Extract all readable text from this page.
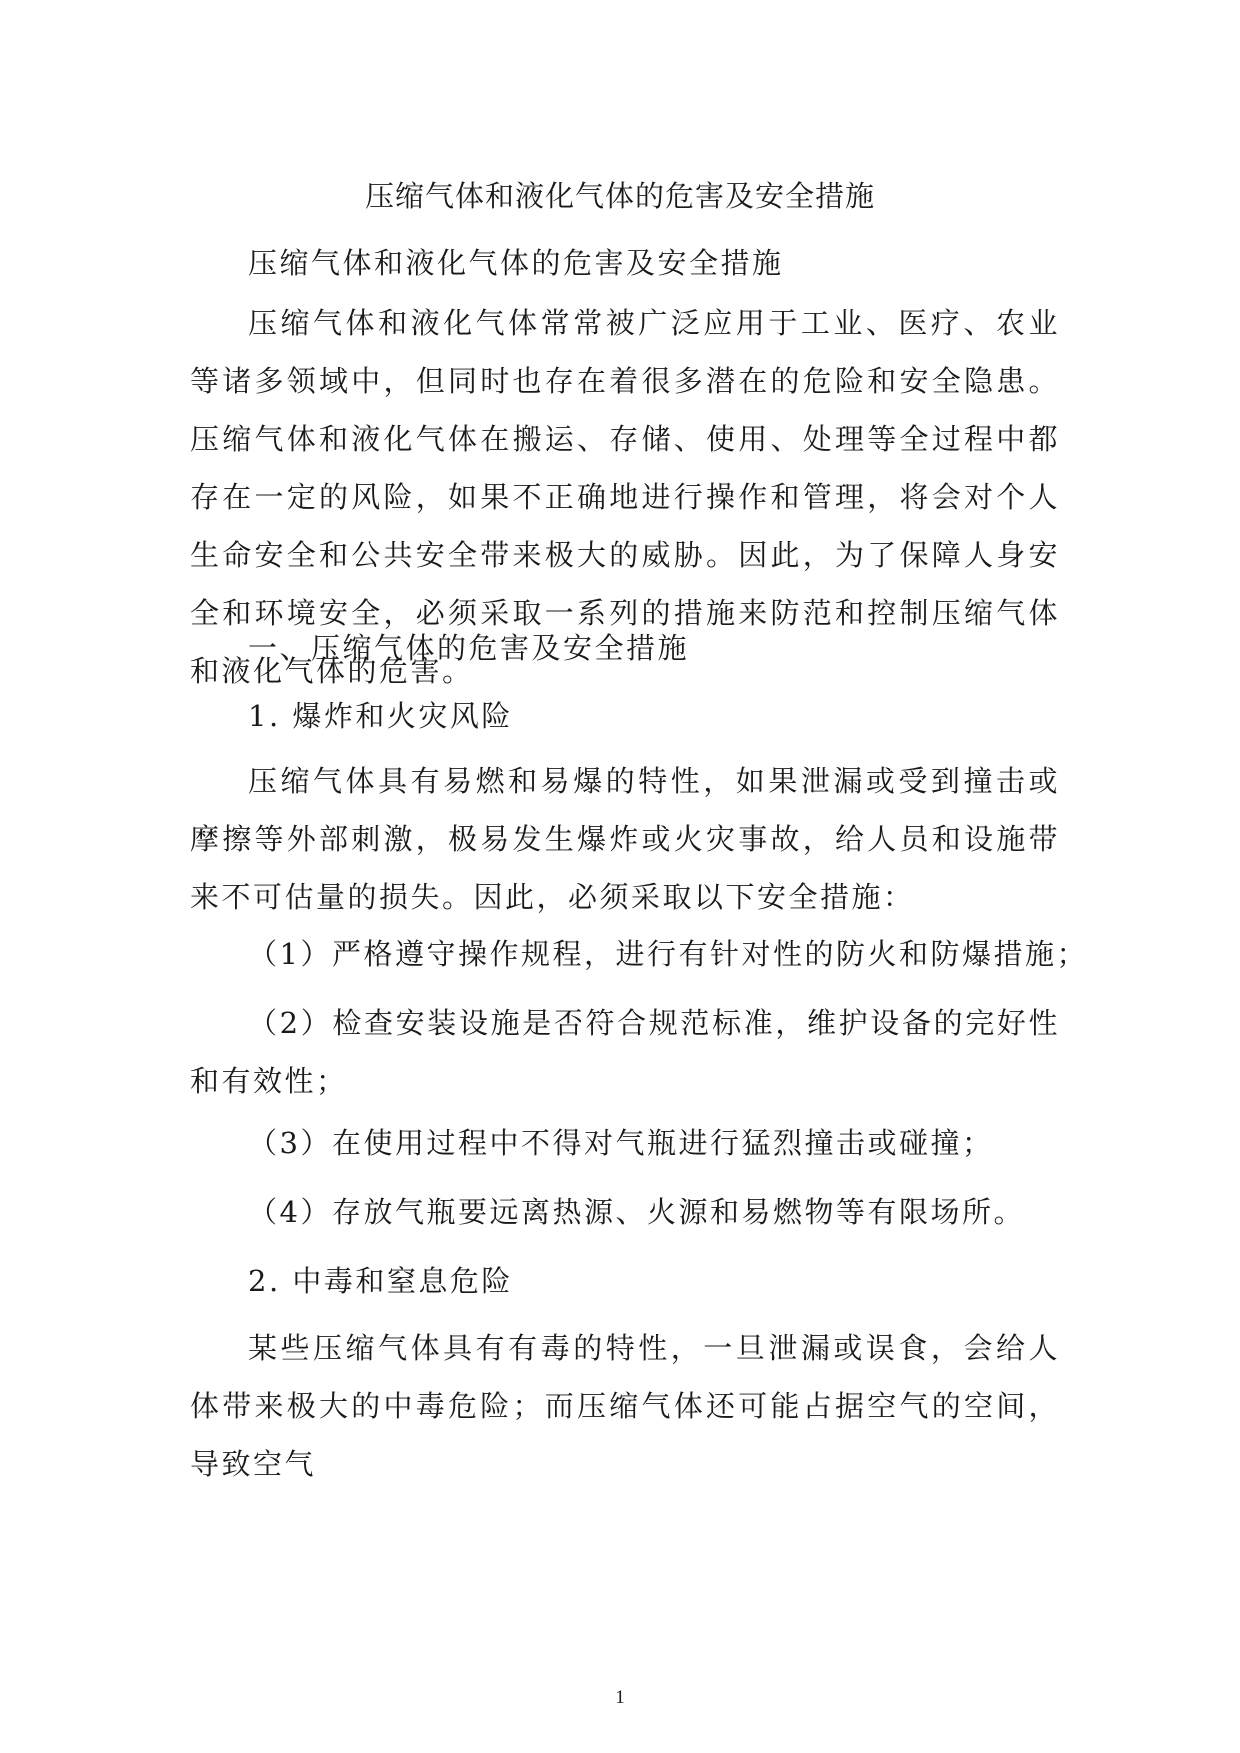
压缩气体和液化气体的危害及安全措施
压缩气体和液化气体的危害及安全措施
压缩气体和液化气体常常被广泛应用于工业、医疗、农业等诸多领域中，但同时也存在着很多潜在的危险和安全隐患。压缩气体和液化气体在搬运、存储、使用、处理等全过程中都存在一定的风险，如果不正确地进行操作和管理，将会对个人生命安全和公共安全带来极大的威胁。因此，为了保障人身安全和环境安全，必须采取一系列的措施来防范和控制压缩气体和液化气体的危害。
一、压缩气体的危害及安全措施
1. 爆炸和火灾风险
压缩气体具有易燃和易爆的特性，如果泄漏或受到撞击或摩擦等外部刺激，极易发生爆炸或火灾事故，给人员和设施带来不可估量的损失。因此，必须采取以下安全措施：
（1）严格遵守操作规程，进行有针对性的防火和防爆措施；
（2）检查安装设施是否符合规范标准，维护设备的完好性和有效性；
（3）在使用过程中不得对气瓶进行猛烈撞击或碰撞；
（4）存放气瓶要远离热源、火源和易燃物等有限场所。
2. 中毒和窒息危险
某些压缩气体具有有毒的特性，一旦泄漏或误食，会给人体带来极大的中毒危险；而压缩气体还可能占据空气的空间，导致空气
1
